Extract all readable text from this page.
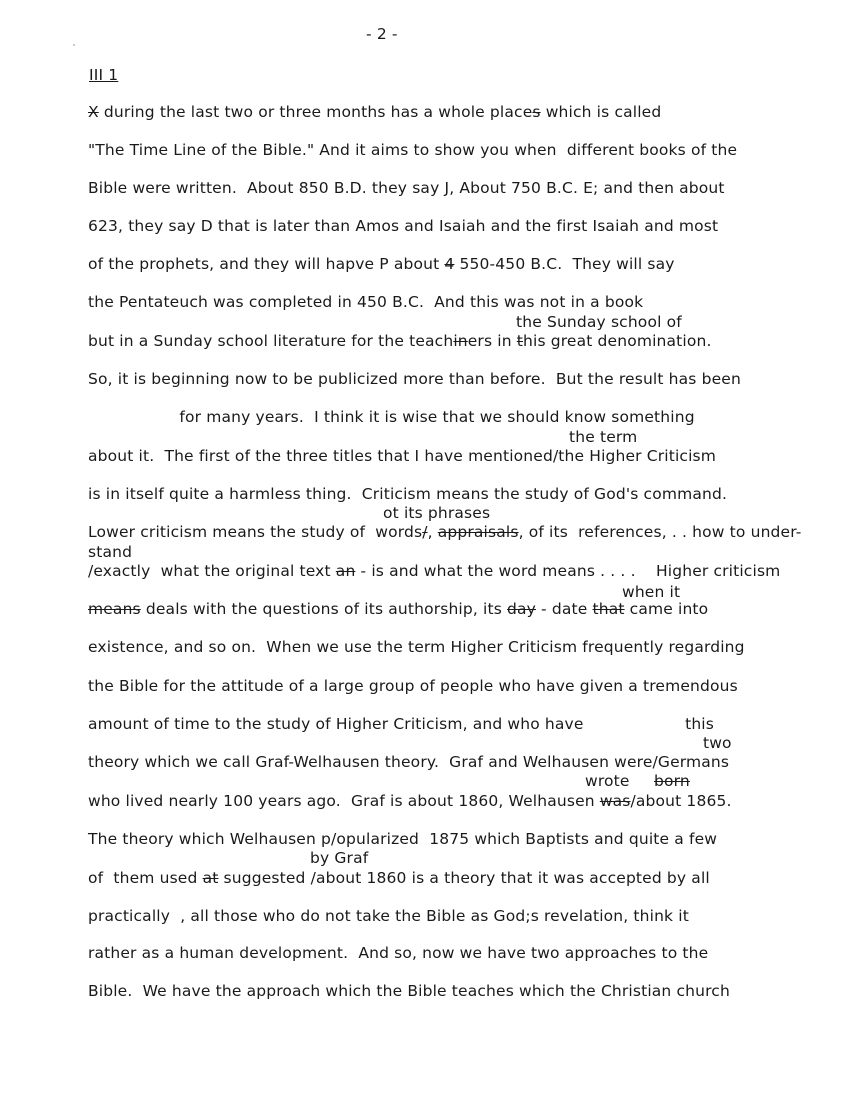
- 2 -
III 1
X during the last two or three months has a whole places which is called
"The Time Line of the Bible." And it aims to show you when  different books of the
Bible were written.  About 850 B.D. they say J, About 750 B.C. E; and then about
623, they say D that is later than Amos and Isaiah and the first Isaiah and most
of the prophets, and they will hapve P about 4 550-450 B.C.  They will say
the Pentateuch was completed in 450 B.C.  And this was not in a book
but in a Sunday school literature for the teachiners in this great denomination.
So, it is beginning now to be publicized more than before.  But the result has been
for many years.  I think it is wise that we should know something
about it.  The first of the three titles that I have mentioned/the Higher Criticism
is in itself quite a harmless thing.  Criticism means the study of God's command.
Lower criticism means the study of  words/, appraisals, of its  references, . . how to under-
/exactly  what the original text an - is and what the word means . . . .    Higher criticism
means deals with the questions of its authorship, its day - date that came into
existence, and so on.  When we use the term Higher Criticism frequently regarding
the Bible for the attitude of a large group of people who have given a tremendous
amount of time to the study of Higher Criticism, and who have                    this
theory which we call Graf-Welhausen theory.  Graf and Welhausen were/Germans
who lived nearly 100 years ago.  Graf is about 1860, Welhausen was/about 1865.
The theory which Welhausen p/opularized  1875 which Baptists and quite a few
of  them used at suggested /about 1860 is a theory that it was accepted by all
practically  , all those who do not take the Bible as God;s revelation, think it
rather as a human development.  And so, now we have two approaches to the
Bible.  We have the approach which the Bible teaches which the Christian church
the Sunday school of
the term
ot its phrases
stand
when it
two
wrote born
by Graf
